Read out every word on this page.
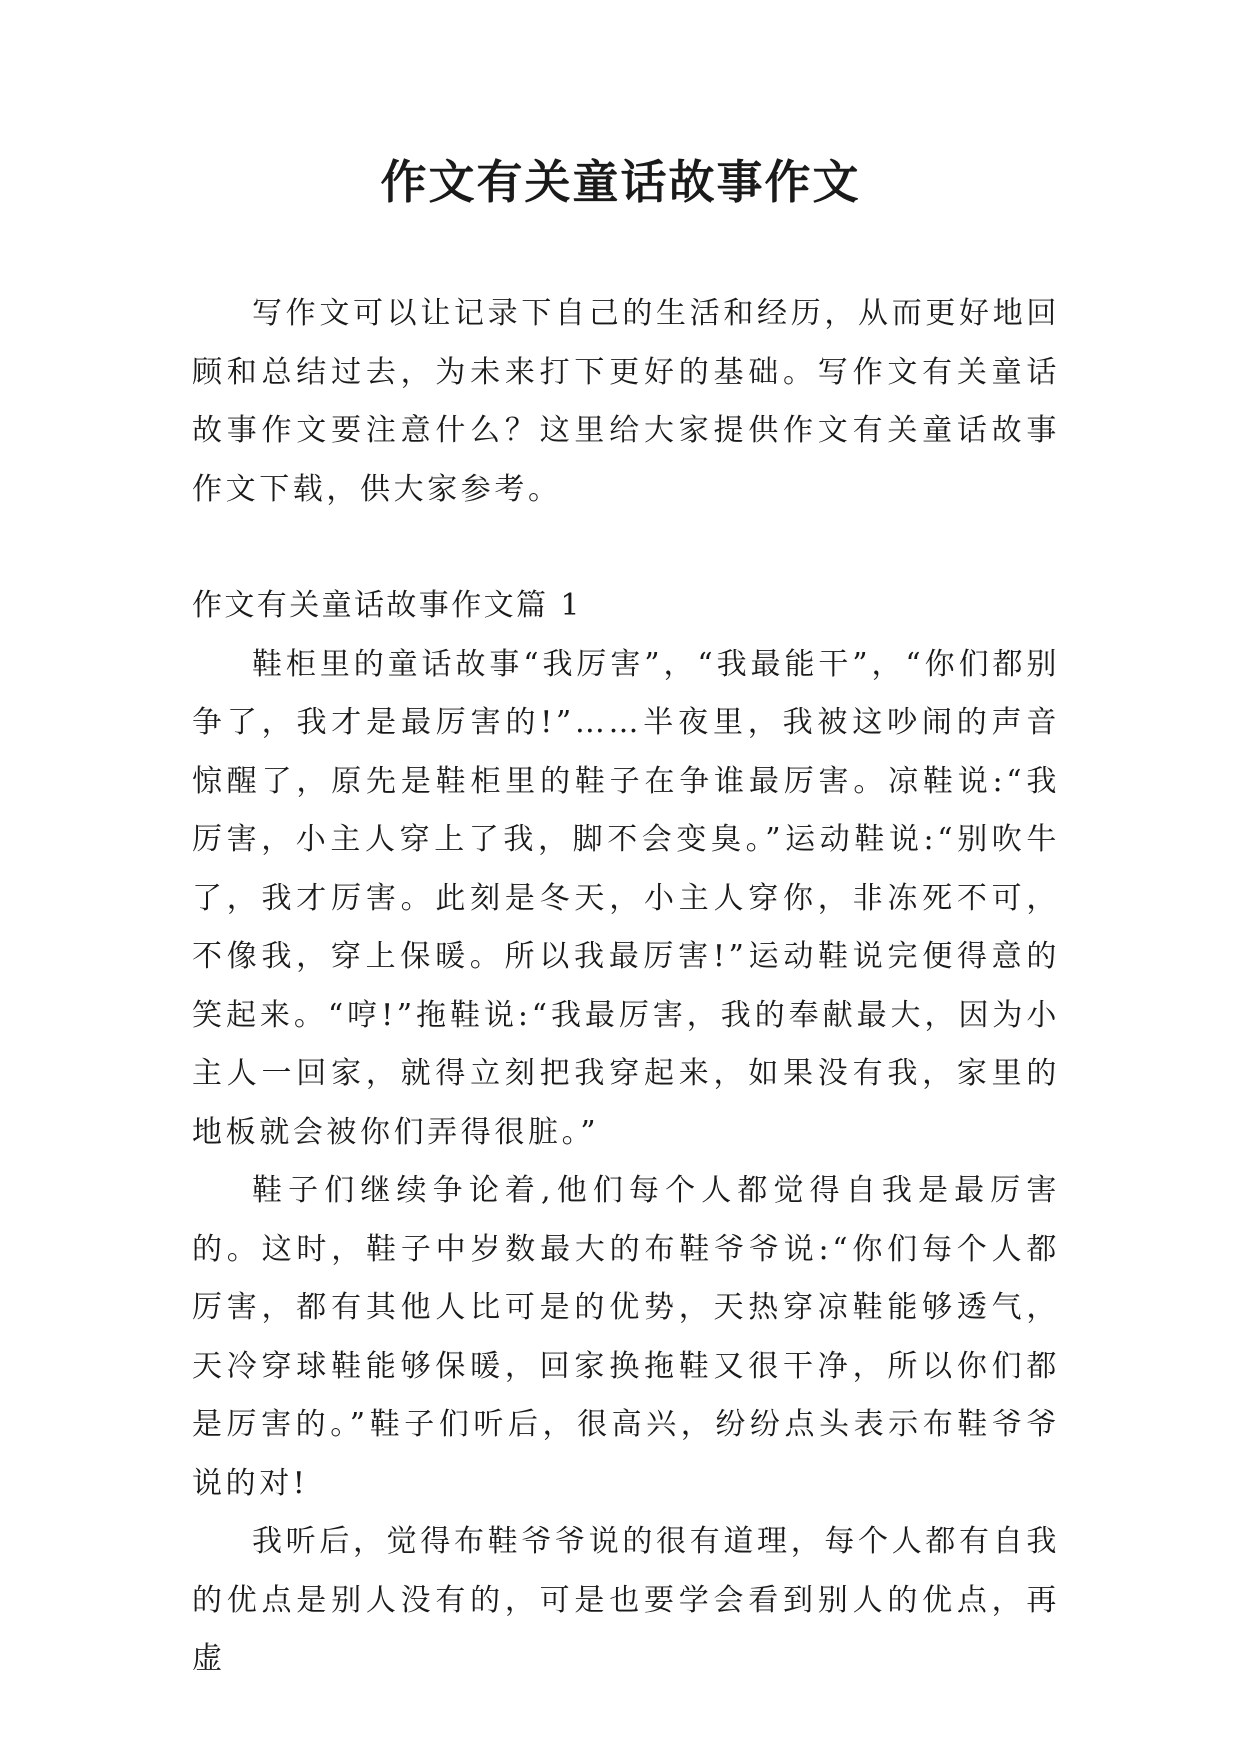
作文有关童话故事作文

写作文可以让记录下自己的生活和经历，从而更好地回顾和总结过去，为未来打下更好的基础。写作文有关童话故事作文要注意什么？这里给大家提供作文有关童话故事作文下载，供大家参考。

作文有关童话故事作文篇 1

鞋柜里的童话故事“我厉害”，“我最能干”，“你们都别争了，我才是最厉害的!”……半夜里，我被这吵闹的声音惊醒了，原先是鞋柜里的鞋子在争谁最厉害。凉鞋说:“我厉害，小主人穿上了我，脚不会变臭。”运动鞋说:“别吹牛了，我才厉害。此刻是冬天，小主人穿你，非冻死不可，不像我，穿上保暖。所以我最厉害!”运动鞋说完便得意的笑起来。“哼!”拖鞋说:“我最厉害，我的奉献最大，因为小主人一回家，就得立刻把我穿起来，如果没有我，家里的地板就会被你们弄得很脏。”

鞋子们继续争论着,他们每个人都觉得自我是最厉害的。这时，鞋子中岁数最大的布鞋爷爷说:“你们每个人都厉害，都有其他人比可是的优势，天热穿凉鞋能够透气，天冷穿球鞋能够保暖，回家换拖鞋又很干净，所以你们都是厉害的。”鞋子们听后，很高兴，纷纷点头表示布鞋爷爷说的对!

我听后，觉得布鞋爷爷说的很有道理，每个人都有自我的优点是别人没有的，可是也要学会看到别人的优点，再虚
